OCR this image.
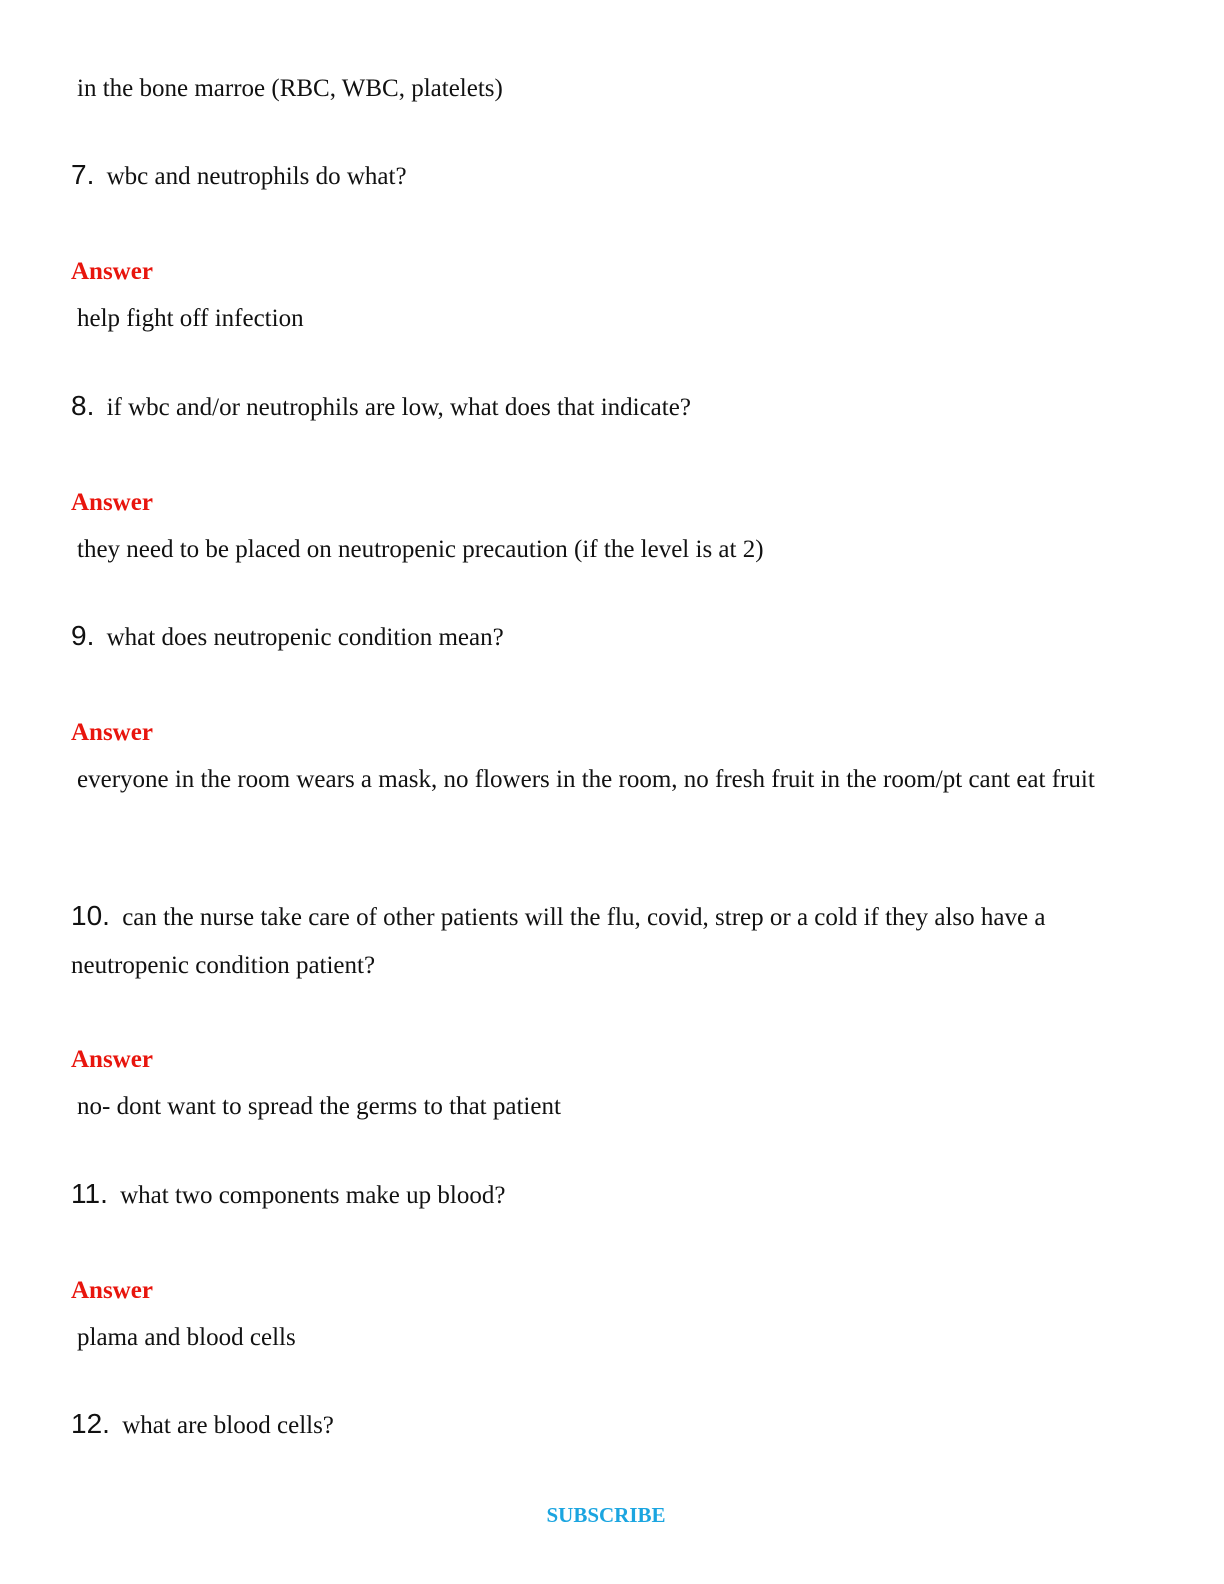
in the bone marroe (RBC, WBC, platelets)

7. wbc and neutrophils do what?

Answer

help fight off infection

8. if wbc and/or neutrophils are low, what does that indicate?

Answer

they need to be placed on neutropenic precaution (if the level is at 2)

9. what does neutropenic condition mean?

Answer

everyone in the room wears a mask, no flowers in the room, no fresh fruit in the room/pt cant eat fruit

10. can the nurse take care of other patients will the flu, covid, strep or a cold if they also have a neutropenic condition patient?

Answer

no- dont want to spread the germs to that patient

11. what two components make up blood?

Answer

plama and blood cells

12. what are blood cells?

SUBSCRIBE
